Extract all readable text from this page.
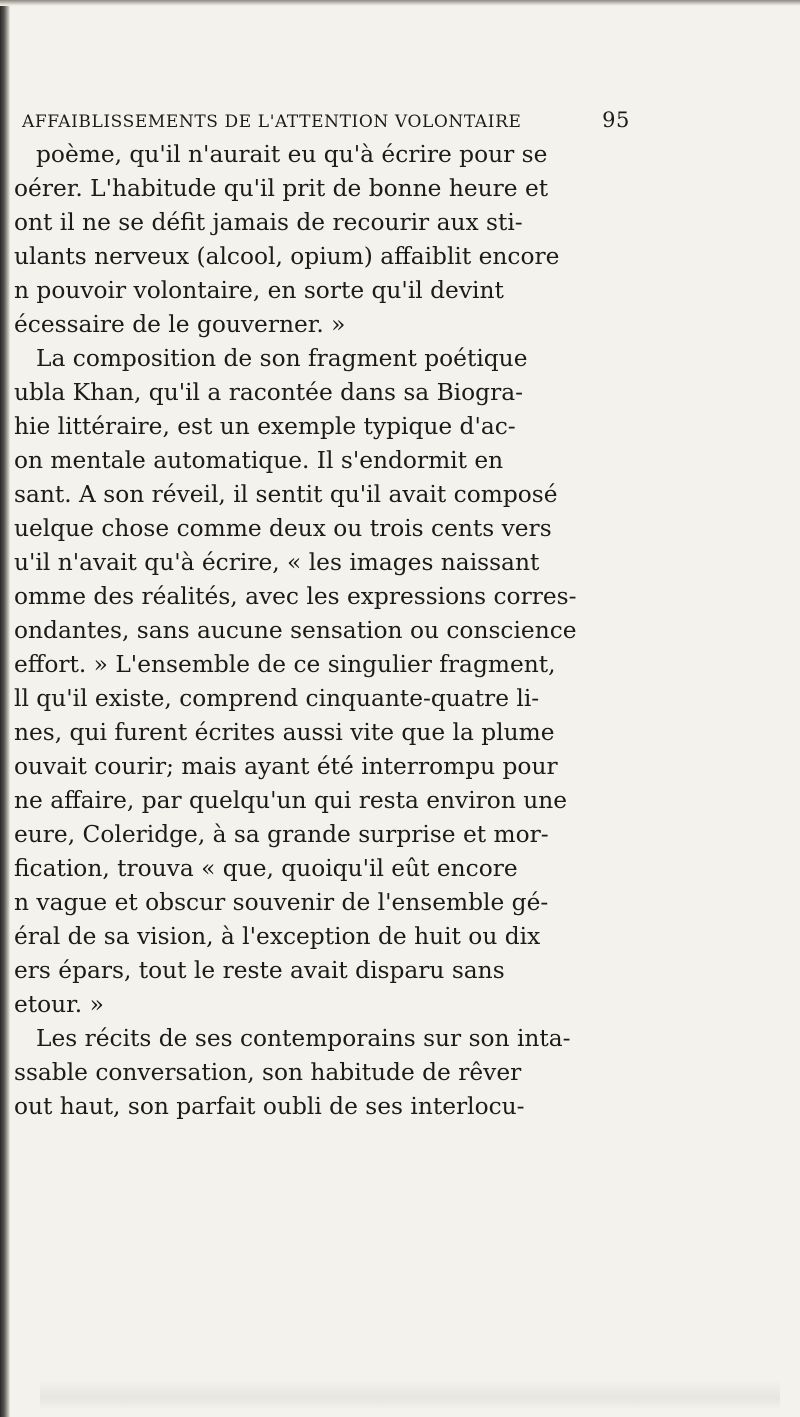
AFFAIBLISSEMENTS DE L'ATTENTION VOLONTAIRE	95
poème, qu'il n'aurait eu qu'à écrire pour se
oérer. L'habitude qu'il prit de bonne heure et
ont il ne se défit jamais de recourir aux sti-
ulants nerveux (alcool, opium) affaiblit encore
n pouvoir volontaire, en sorte qu'il devint
écessaire de le gouverner. »
La composition de son fragment poétique
ubla Khan, qu'il a racontée dans sa Biogra-
hie littéraire, est un exemple typique d'ac-
on mentale automatique. Il s'endormit en
sant. A son réveil, il sentit qu'il avait composé
uelque chose comme deux ou trois cents vers
u'il n'avait qu'à écrire, « les images naissant
omme des réalités, avec les expressions corres-
ondantes, sans aucune sensation ou conscience
effort. » L'ensemble de ce singulier fragment,
ll qu'il existe, comprend cinquante-quatre li-
nes, qui furent écrites aussi vite que la plume
ouvait courir; mais ayant été interrompu pour
ne affaire, par quelqu'un qui resta environ une
eure, Coleridge, à sa grande surprise et mor-
fication, trouva « que, quoiqu'il eût encore
n vague et obscur souvenir de l'ensemble gé-
éral de sa vision, à l'exception de huit ou dix
ers épars, tout le reste avait disparu sans
etour. »
Les récits de ses contemporains sur son inta-
ssable conversation, son habitude de rêver
out haut, son parfait oubli de ses interlocu-
